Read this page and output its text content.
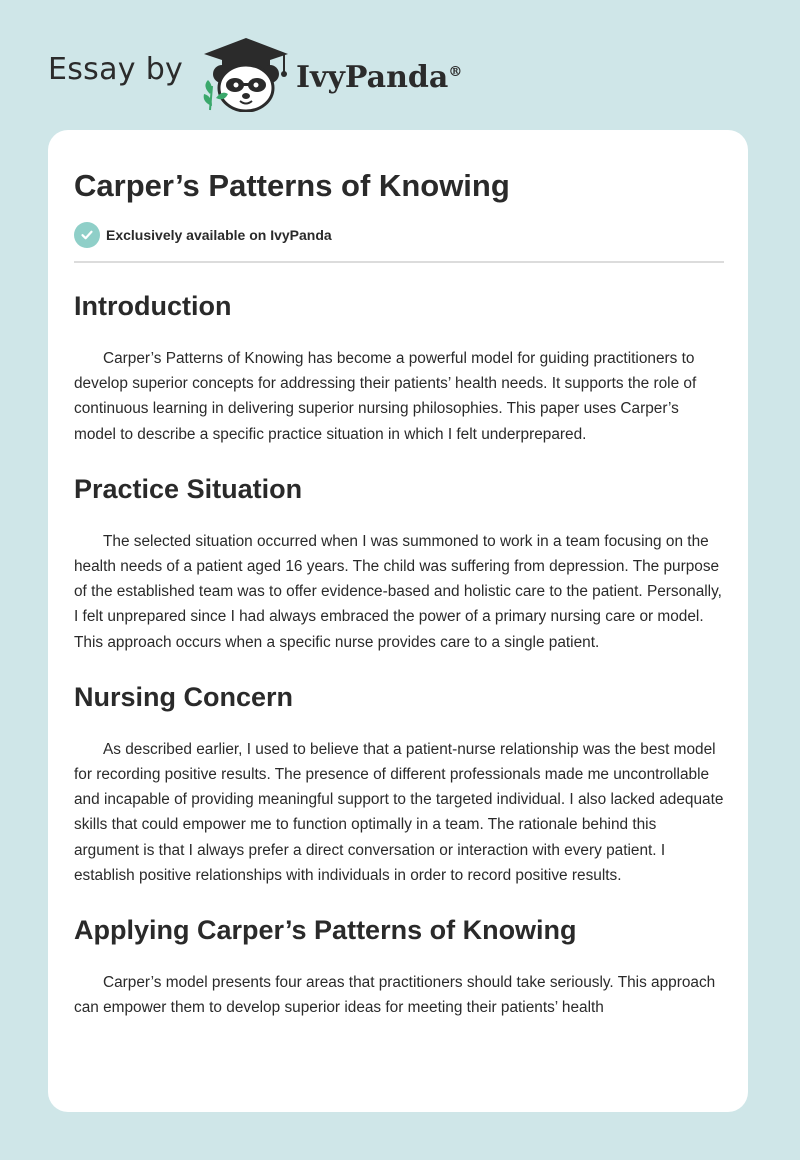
Essay by	IvyPanda®
Carper’s Patterns of Knowing
Exclusively available on IvyPanda
Introduction

Carper’s Patterns of Knowing has become a powerful model for guiding practitioners to develop superior concepts for addressing their patients’ health needs. It supports the role of continuous learning in delivering superior nursing philosophies. This paper uses Carper’s model to describe a specific practice situation in which I felt underprepared.

Practice Situation

The selected situation occurred when I was summoned to work in a team focusing on the health needs of a patient aged 16 years. The child was suffering from depression. The purpose of the established team was to offer evidence-based and holistic care to the patient. Personally, I felt unprepared since I had always embraced the power of a primary nursing care or model. This approach occurs when a specific nurse provides care to a single patient.

Nursing Concern

As described earlier, I used to believe that a patient-nurse relationship was the best model for recording positive results. The presence of different professionals made me uncontrollable and incapable of providing meaningful support to the targeted individual. I also lacked adequate skills that could empower me to function optimally in a team. The rationale behind this argument is that I always prefer a direct conversation or interaction with every patient. I establish positive relationships with individuals in order to record positive results.

Applying Carper’s Patterns of Knowing

Carper’s model presents four areas that practitioners should take seriously. This approach can empower them to develop superior ideas for meeting their patients’ health
